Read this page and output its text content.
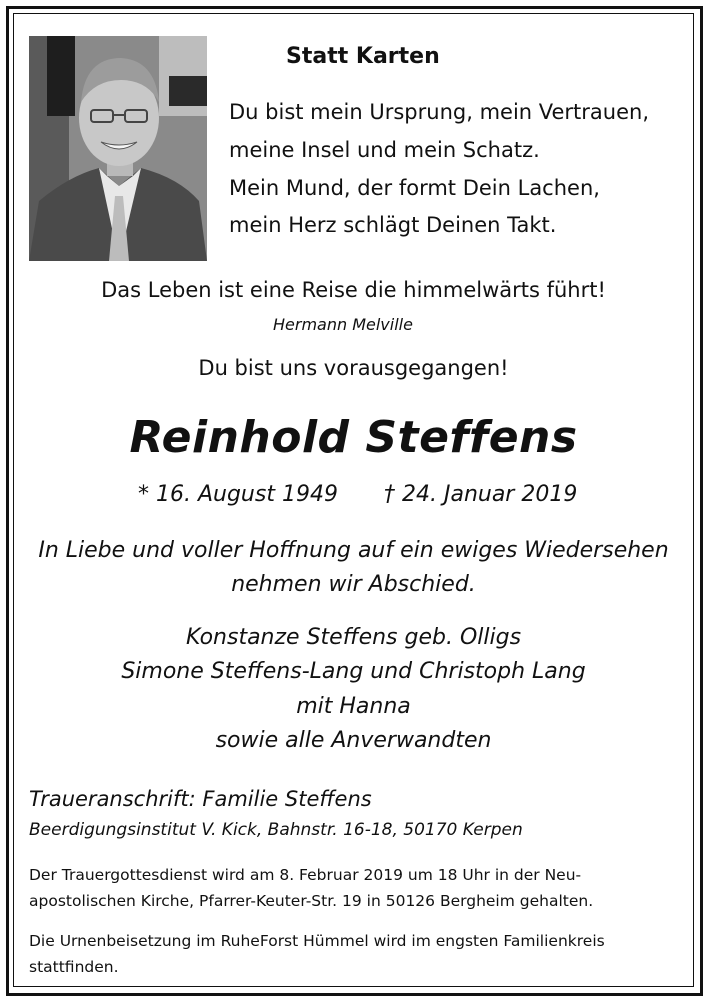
Statt Karten
Du bist mein Ursprung, mein Vertrauen,
meine Insel und mein Schatz.
Mein Mund, der formt Dein Lachen,
mein Herz schlägt Deinen Takt.
Das Leben ist eine Reise die himmelwärts führt!
Hermann Melville
Du bist uns vorausgegangen!
Reinhold Steffens
* 16. August 1949 † 24. Januar 2019
In Liebe und voller Hoffnung auf ein ewiges Wiedersehen
nehmen wir Abschied.
Konstanze Steffens geb. Olligs
Simone Steffens-Lang und Christoph Lang
mit Hanna
sowie alle Anverwandten
Traueranschrift: Familie Steffens
Beerdigungsinstitut V. Kick, Bahnstr. 16-18, 50170 Kerpen
Der Trauergottesdienst wird am 8. Februar 2019 um 18 Uhr in der Neu-
apostolischen Kirche, Pfarrer-Keuter-Str. 19 in 50126 Bergheim gehalten.
Die Urnenbeisetzung im RuheForst Hümmel wird im engsten Familienkreis
stattfinden.
